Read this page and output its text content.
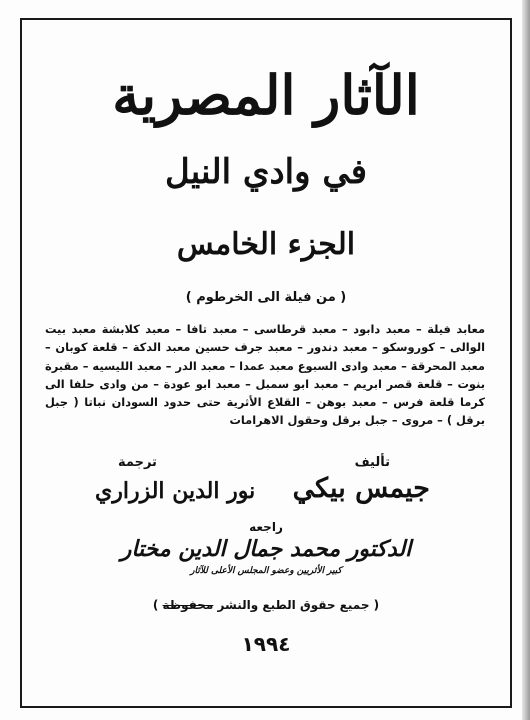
الآثار المصرية
في وادي النيل
الجزء الخامس
( من فيلة الى الخرطوم )
معابد فيلة – معبد دابود – معبد قرطاسى – معبد تافا – معبد كلابشة معبد بيت الوالى – كوروسكو – معبد دندور – معبد جرف حسين معبد الدكة – قلعة كوبان – معبد المحرقة – معبد وادى السبوع معبد عمدا – معبد الدر – معبد الليسيه – مقبرة بنوت – قلعة قصر ابريم – معبد ابو سمبل – معبد ابو عودة – من وادى حلفا الى كرما قلعة فرس – معبد بوهن – القلاع الأثرية حتى حدود السودان نباتا ( جبل برقل ) – مروى – جبل برقل وحقول الاهرامات
تأليف
جيمس بيكي
ترجمة
نور الدين الزراري
راجعه
الدكتور محمد جمال الدين مختار
كبير الأثريين وعضو المجلس الأعلى للآثار
( جميع حقوق الطبع والنشر محفوظة )
١٩٩٤
